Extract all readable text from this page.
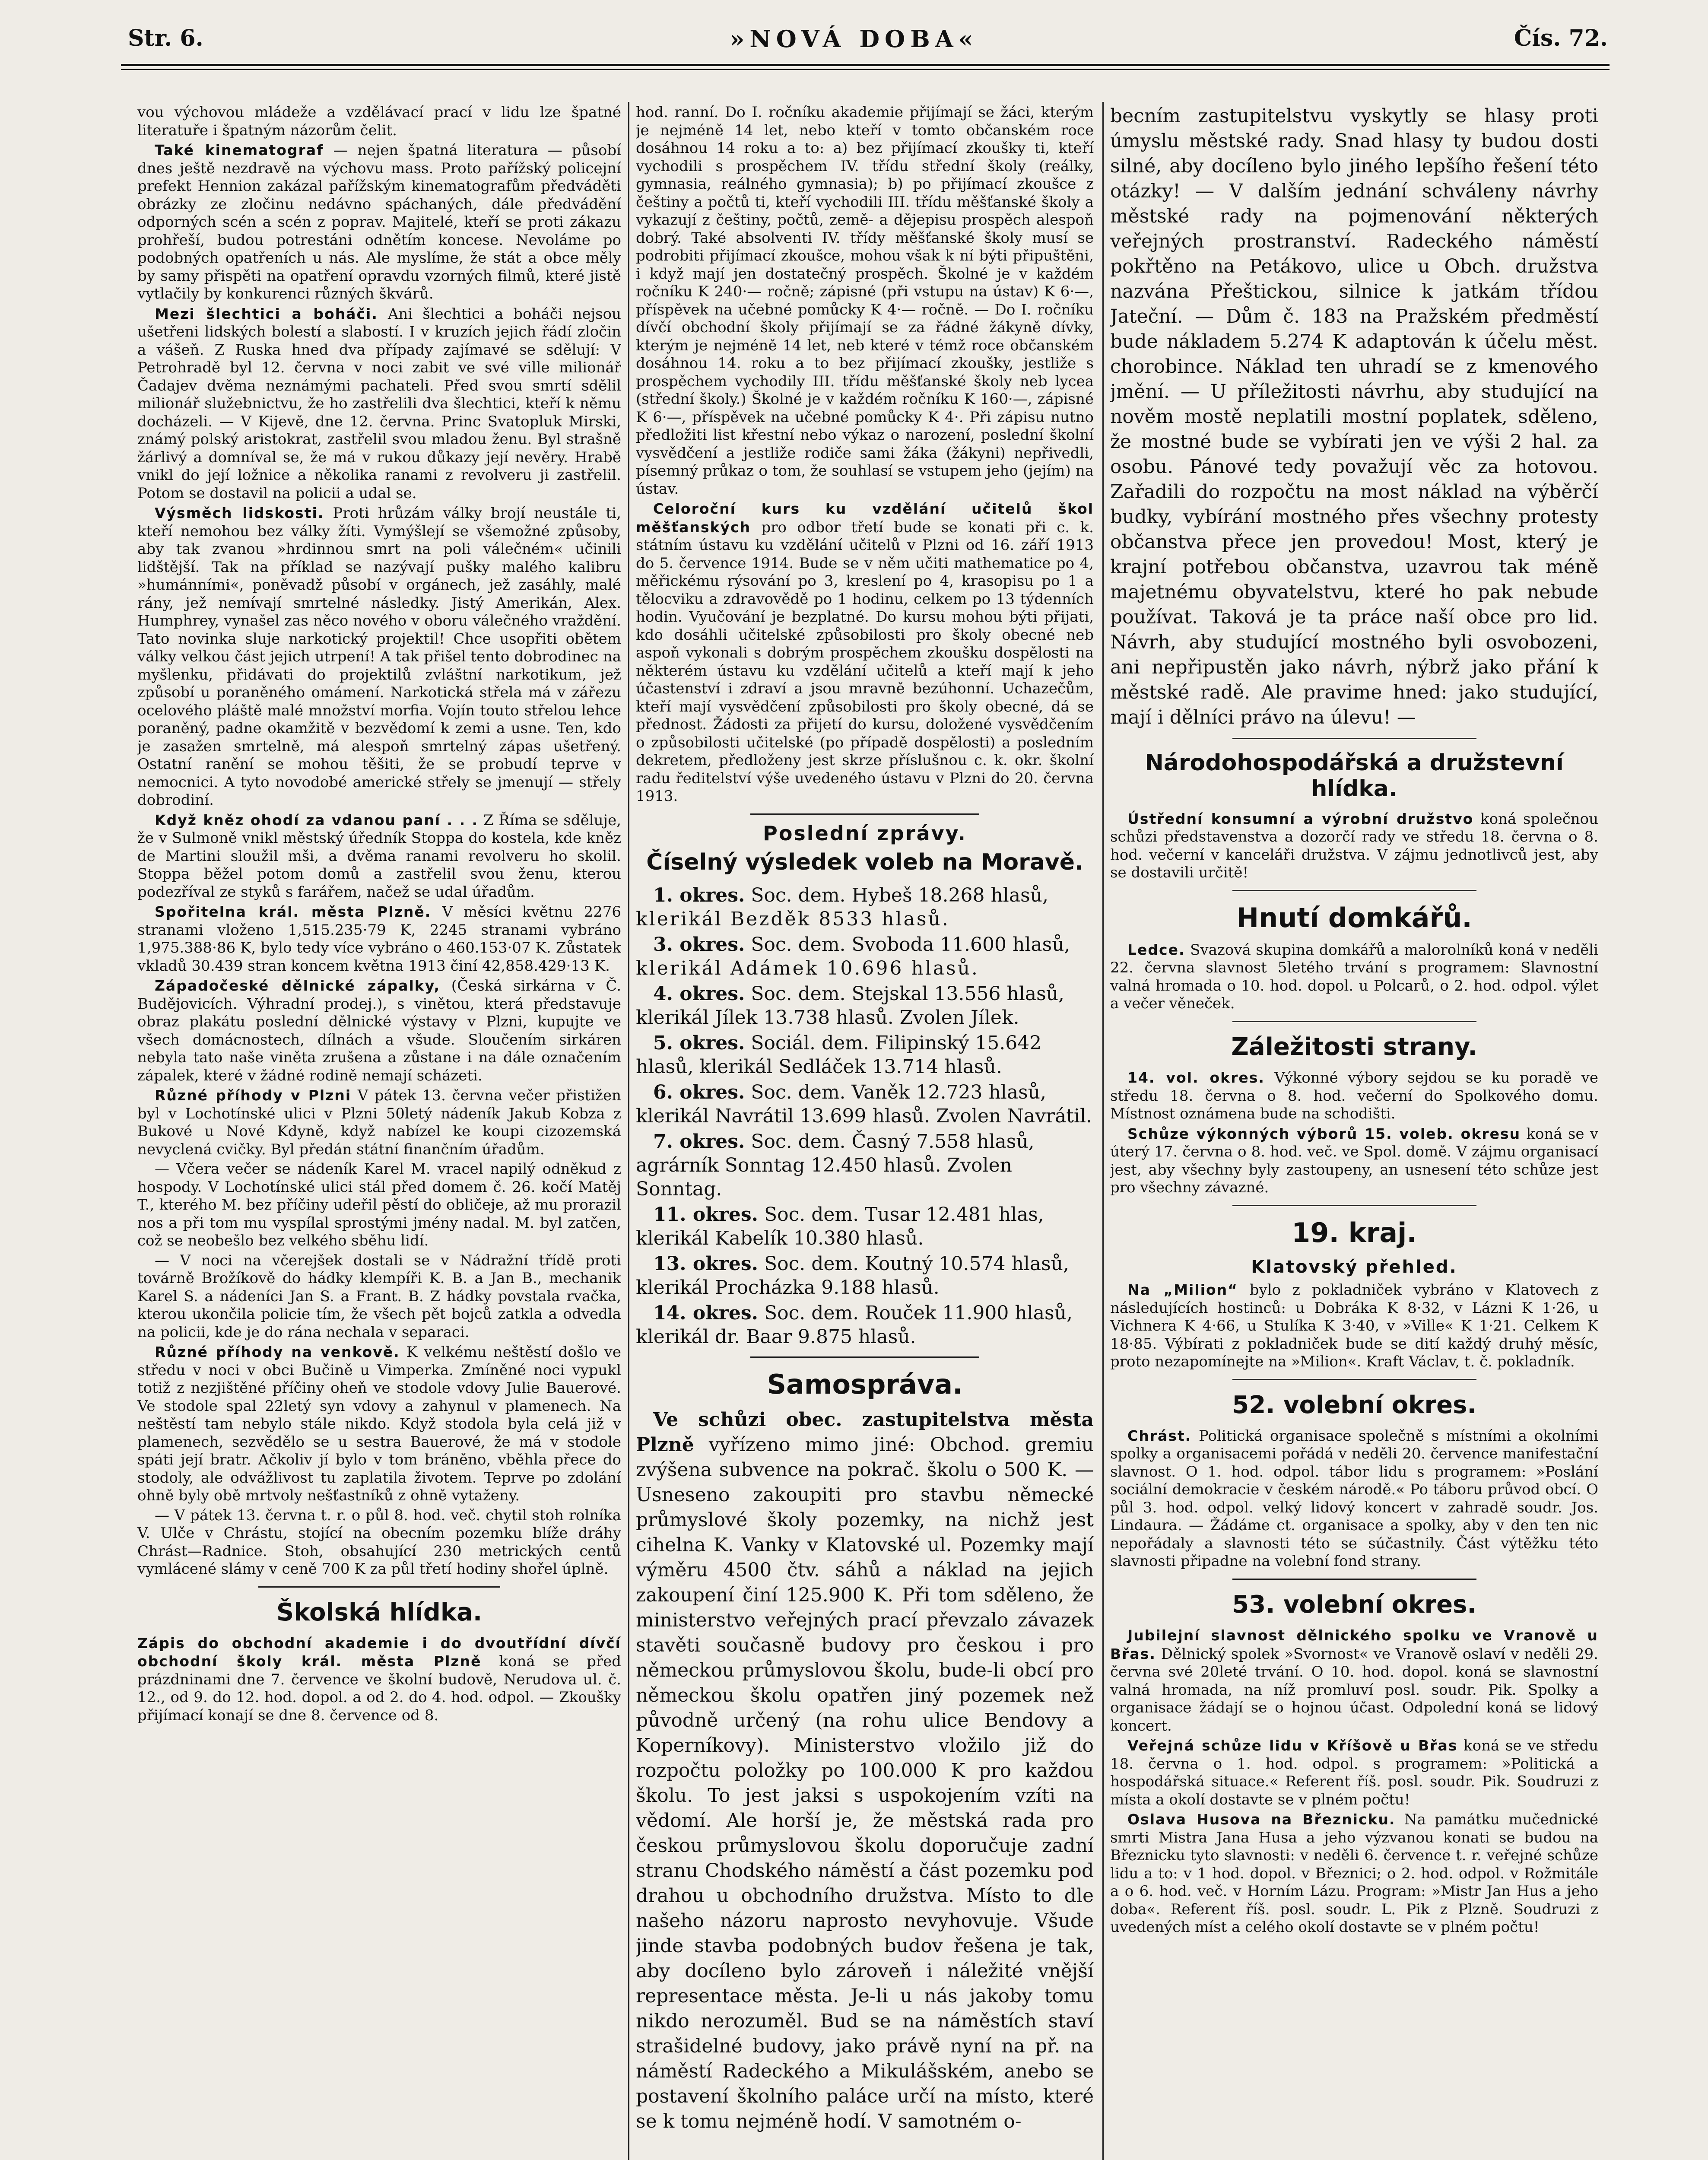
Str. 6.	»NOVÁ DOBA«	Čís. 72.

vou výchovou mládeže a vzdělávací prací v lidu lze špatné literatuře i špatným názorům čelit.

Také kinematograf — nejen špatná literatura — působí dnes ještě nezdravě na výchovu mass. Proto pařížský policejní prefekt Hennion zakázal pařížským kinematografům předváděti obrázky ze zločinu nedávno spáchaných, dále předvádění odporných scén a scén z poprav. Majitelé, kteří se proti zákazu prohřeší, budou potrestáni odnětím koncese. Nevoláme po podobných opatřeních u nás. Ale myslíme, že stát a obce měly by samy přispěti na opatření opravdu vzorných filmů, které jistě vytlačily by konkurenci různých škvárů.

Mezi šlechtici a boháči. Ani šlechtici a boháči nejsou ušetřeni lidských bolestí a slabostí. I v kruzích jejich řádí zločin a vášeň. Z Ruska hned dva případy zajímavé se sdělují: V Petrohradě byl 12. června v noci zabit ve své ville milionář Čadajev dvěma neznámými pachateli. Před svou smrtí sdělil milionář služebnictvu, že ho zastřelili dva šlechtici, kteří k němu docházeli. — V Kijevě, dne 12. června. Princ Svatopluk Mirski, známý polský aristokrat, zastřelil svou mladou ženu. Byl strašně žárlivý a domníval se, že má v rukou důkazy její nevěry. Hrabě vnikl do její ložnice a několika ranami z revolveru ji zastřelil. Potom se dostavil na policii a udal se.

Výsměch lidskosti. Proti hrůzám války brojí neustále ti, kteří nemohou bez války žíti. Vymýšlejí se všemožné způsoby, aby tak zvanou »hrdinnou smrt na poli válečném« učinili lidštější. Tak na příklad se nazývají pušky malého kalibru »humánními«, poněvadž působí v orgánech, jež zasáhly, malé rány, jež nemívají smrtelné následky. Jistý Amerikán, Alex. Humphrey, vynašel zas něco nového v oboru válečného vraždění. Tato novinka sluje narkotický projektil! Chce usopřiti obětem války velkou část jejich utrpení! A tak přišel tento dobrodinec na myšlenku, přidávati do projektilů zvláštní narkotikum, jež způsobí u poraněného omámení. Narkotická střela má v zářezu ocelového pláště malé množství morfia. Vojín touto střelou lehce poraněný, padne okamžitě v bezvědomí k zemi a usne. Ten, kdo je zasažen smrtelně, má alespoň smrtelný zápas ušetřený. Ostatní ranění se mohou těšiti, že se probudí teprve v nemocnici. A tyto novodobé americké střely se jmenují — střely dobrodiní.

Když kněz ohodí za vdanou paní . . . Z Říma se sděluje, že v Sulmoně vnikl městský úředník Stoppa do kostela, kde kněz de Martini sloužil mši, a dvěma ranami revolveru ho skolil. Stoppa běžel potom domů a zastřelil svou ženu, kterou podezříval ze styků s farářem, načež se udal úřadům.

Spořitelna král. města Plzně. V měsíci květnu 2276 stranami vloženo 1,515.235·79 K, 2245 stranami vybráno 1,975.388·86 K, bylo tedy více vybráno o 460.153·07 K. Zůstatek vkladů 30.439 stran koncem května 1913 činí 42,858.429·13 K.

Západočeské dělnické zápalky, (Česká sirkárna v Č. Budějovicích. Výhradní prodej.), s vinětou, která představuje obraz plakátu poslední dělnické výstavy v Plzni, kupujte ve všech domácnostech, dílnách a všude. Sloučením sirkáren nebyla tato naše viněta zrušena a zůstane i na dále označením zápalek, které v žádné rodině nemají scházeti.

Různé příhody v Plzni V pátek 13. června večer přistižen byl v Lochotínské ulici v Plzni 50letý nádeník Jakub Kobza z Bukové u Nové Kdyně, když nabízel ke koupi cizozemská nevyclená cvičky. Byl předán státní finančním úřadům.

— Včera večer se nádeník Karel M. vracel napilý odněkud z hospody. V Lochotínské ulici stál před domem č. 26. kočí Matěj T., kterého M. bez příčiny udeřil pěstí do obličeje, až mu prorazil nos a při tom mu vyspílal sprostými jmény nadal. M. byl zatčen, což se neobešlo bez velkého sběhu lidí.

— V noci na včerejšek dostali se v Nádražní třídě proti továrně Brožíkově do hádky klempíři K. B. a Jan B., mechanik Karel S. a nádeníci Jan S. a Frant. B. Z hádky povstala rvačka, kterou ukončila policie tím, že všech pět bojců zatkla a odvedla na policii, kde je do rána nechala v separaci.

Různé příhody na venkově. K velkému neštěstí došlo ve středu v noci v obci Bučině u Vimperka. Zmíněné noci vypukl totiž z nezjištěné příčiny oheň ve stodole vdovy Julie Bauerové. Ve stodole spal 22letý syn vdovy a zahynul v plamenech. Na neštěstí tam nebylo stále nikdo. Když stodola byla celá již v plamenech, sezvědělo se u sestra Bauerové, že má v stodole spáti její bratr. Ačkoliv jí bylo v tom bráněno, vběhla přece do stodoly, ale odvážlivost tu zaplatila životem. Teprve po zdolání ohně byly obě mrtvoly nešťastníků z ohně vytaženy.

— V pátek 13. června t. r. o půl 8. hod. več. chytil stoh rolníka V. Ulče v Chrástu, stojící na obecním pozemku blíže dráhy Chrást—Radnice. Stoh, obsahující 230 metrických centů vymlácené slámy v ceně 700 K za půl třetí hodiny shořel úplně.

Školská hlídka.

Zápis do obchodní akademie i do dvoutřídní dívčí obchodní školy král. města Plzně koná se před prázdninami dne 7. července ve školní budově, Nerudova ul. č. 12., od 9. do 12. hod. dopol. a od 2. do 4. hod. odpol. — Zkoušky přijímací konají se dne 8. července od 8.

hod. ranní. Do I. ročníku akademie přijímají se žáci, kterým je nejméně 14 let, nebo kteří v tomto občanském roce dosáhnou 14 roku a to: a) bez přijímací zkoušky ti, kteří vychodili s prospěchem IV. třídu střední školy (reálky, gymnasia, reálného gymnasia); b) po přijímací zkoušce z češtiny a počtů ti, kteří vychodili III. třídu měšťanské školy a vykazují z češtiny, počtů, země- a dějepisu prospěch alespoň dobrý. Také absolventi IV. třídy měšťanské školy musí se podrobiti přijímací zkoušce, mohou však k ní býti připuštěni, i když mají jen dostatečný prospěch. Školné je v každém ročníku K 240·— ročně; zápisné (při vstupu na ústav) K 6·—, příspěvek na učebné pomůcky K 4·— ročně. — Do I. ročníku dívčí obchodní školy přijímají se za řádné žákyně dívky, kterým je nejméně 14 let, neb které v témž roce občanském dosáhnou 14. roku a to bez přijímací zkoušky, jestliže s prospěchem vychodily III. třídu měšťanské školy neb lycea (střední školy.) Školné je v každém ročníku K 160·—, zápisné K 6·—, příspěvek na učebné pomůcky K 4·. Při zápisu nutno předložiti list křestní nebo výkaz o narození, poslední školní vysvědčení a jestliže rodiče sami žáka (žákyni) nepřivedli, písemný průkaz o tom, že souhlasí se vstupem jeho (jejím) na ústav.

Celoroční kurs ku vzdělání učitelů škol měšťanských pro odbor třetí bude se konati při c. k. státním ústavu ku vzdělání učitelů v Plzni od 16. září 1913 do 5. července 1914. Bude se v něm učiti mathematice po 4, měřickému rýsování po 3, kreslení po 4, krasopisu po 1 a tělocviku a zdravovědě po 1 hodinu, celkem po 13 týdenních hodin. Vyučování je bezplatné. Do kursu mohou býti přijati, kdo dosáhli učitelské způsobilosti pro školy obecné neb aspoň vykonali s dobrým prospěchem zkoušku dospělosti na některém ústavu ku vzdělání učitelů a kteří mají k jeho účastenství i zdraví a jsou mravně bezúhonní. Uchazečům, kteří mají vysvědčení způsobilosti pro školy obecné, dá se přednost. Žádosti za přijetí do kursu, doložené vysvědčením o způsobilosti učitelské (po případě dospělosti) a posledním dekretem, předloženy jest skrze příslušnou c. k. okr. školní radu ředitelství výše uvedeného ústavu v Plzni do 20. června 1913.

Poslední zprávy.
Číselný výsledek voleb na Moravě.

1. okres. Soc. dem. Hybeš 18.268 hlasů,

klerikál Bezděk 8533 hlasů.

3. okres. Soc. dem. Svoboda 11.600 hlasů,

klerikál Adámek 10.696 hlasů.

4. okres. Soc. dem. Stejskal 13.556 hlasů,

klerikál Jílek 13.738 hlasů. Zvolen Jílek.

5. okres. Sociál. dem. Filipinský 15.642

hlasů, klerikál Sedláček 13.714 hlasů.

6. okres. Soc. dem. Vaněk 12.723 hlasů,

klerikál Navrátil 13.699 hlasů. Zvolen Navrátil.

7. okres. Soc. dem. Časný 7.558 hlasů,

agrárník Sonntag 12.450 hlasů. Zvolen Sonntag.

11. okres. Soc. dem. Tusar 12.481 hlas,

klerikál Kabelík 10.380 hlasů.

13. okres. Soc. dem. Koutný 10.574 hlasů,

klerikál Procházka 9.188 hlasů.

14. okres. Soc. dem. Rouček 11.900 hlasů,

klerikál dr. Baar 9.875 hlasů.

Samospráva.

Ve schůzi obec. zastupitelstva města Plzně vyřízeno mimo jiné: Obchod. gremiu zvýšena subvence na pokrač. školu o 500 K. — Usneseno zakoupiti pro stavbu německé průmyslové školy pozemky, na nichž jest cihelna K. Vanky v Klatovské ul. Pozemky mají výměru 4500 čtv. sáhů a náklad na jejich zakoupení činí 125.900 K. Při tom sděleno, že ministerstvo veřejných prací převzalo závazek stavěti současně budovy pro českou i pro německou průmyslovou školu, bude-li obcí pro německou školu opatřen jiný pozemek než původně určený (na rohu ulice Bendovy a Koperníkovy). Ministerstvo vložilo již do rozpočtu položky po 100.000 K pro každou školu. To jest jaksi s uspokojením vzíti na vědomí. Ale horší je, že městská rada pro českou průmyslovou školu doporučuje zadní stranu Chodského náměstí a část pozemku pod drahou u obchodního družstva. Místo to dle našeho názoru naprosto nevyhovuje. Všude jinde stavba podobných budov řešena je tak, aby docíleno bylo zároveň i náležité vnější representace města. Je-li u nás jakoby tomu nikdo nerozuměl. Bud se na náměstích staví strašidelné budovy, jako právě nyní na př. na náměstí Radeckého a Mikulášském, anebo se postavení školního paláce určí na místo, které se k tomu nejméně hodí. V samotném o-

becním zastupitelstvu vyskytly se hlasy proti úmyslu městské rady. Snad hlasy ty budou dosti silné, aby docíleno bylo jiného lepšího řešení této otázky! — V dalším jednání schváleny návrhy městské rady na pojmenování některých veřejných prostranství. Radeckého náměstí pokřtěno na Petákovo, ulice u Obch. družstva nazvána Přeštickou, silnice k jatkám třídou Jateční. — Dům č. 183 na Pražském předměstí bude nákladem 5.274 K adaptován k účelu měst. chorobince. Náklad ten uhradí se z kmenového jmění. — U příležitosti návrhu, aby studující na nověm mostě neplatili mostní poplatek, sděleno, že mostné bude se vybírati jen ve výši 2 hal. za osobu. Pánové tedy považují věc za hotovou. Zařadili do rozpočtu na most náklad na výběrčí budky, vybírání mostného přes všechny protesty občanstva přece jen provedou! Most, který je krajní potřebou občanstva, uzavrou tak méně majetnému obyvatelstvu, které ho pak nebude používat. Taková je ta práce naší obce pro lid. Návrh, aby studující mostného byli osvobozeni, ani nepřipustěn jako návrh, nýbrž jako přání k městské radě. Ale pravime hned: jako studující, mají i dělníci právo na úlevu! —

Národohospodářská a družstevní hlídka.

Ústřední konsumní a výrobní družstvo koná společnou schůzi představenstva a dozorčí rady ve středu 18. června o 8. hod. večerní v kanceláři družstva. V zájmu jednotlivců jest, aby se dostavili určitě!

Hnutí domkářů.

Ledce. Svazová skupina domkářů a malorolníků koná v neděli 22. června slavnost 5letého trvání s programem: Slavnostní valná hromada o 10. hod. dopol. u Polcarů, o 2. hod. odpol. výlet a večer věneček.

Záležitosti strany.

14. vol. okres. Výkonné výbory sejdou se ku poradě ve středu 18. června o 8. hod. večerní do Spolkového domu. Místnost oznámena bude na schodišti.

Schůze výkonných výborů 15. voleb. okresu koná se v úterý 17. června o 8. hod. več. ve Spol. domě. V zájmu organisací jest, aby všechny byly zastoupeny, an usnesení této schůze jest pro všechny závazné.

19. kraj.
Klatovský přehled.

Na „Milion“ bylo z pokladniček vybráno v Klatovech z následujících hostinců: u Dobráka K 8·32, v Lázni K 1·26, u Vichnera K 4·66, u Stulíka K 3·40, v »Ville« K 1·21. Celkem K 18·85. Výbírati z pokladniček bude se dití každý druhý měsíc, proto nezapomínejte na »Milion«. Kraft Václav, t. č. pokladník.

52. volební okres.

Chrást. Politická organisace společně s místními a okolními spolky a organisacemi pořádá v neděli 20. července manifestační slavnost. O 1. hod. odpol. tábor lidu s programem: »Poslání sociální demokracie v českém národě.« Po táboru průvod obcí. O půl 3. hod. odpol. velký lidový koncert v zahradě soudr. Jos. Lindaura. — Žádáme ct. organisace a spolky, aby v den ten nic nepořádaly a slavnosti této se súčastnily. Část výtěžku této slavnosti připadne na volební fond strany.

53. volební okres.

Jubilejní slavnost dělnického spolku ve Vranově u Břas. Dělnický spolek »Svornost« ve Vranově oslaví v neděli 29. června své 20leté trvání. O 10. hod. dopol. koná se slavnostní valná hromada, na níž promluví posl. soudr. Pik. Spolky a organisace žádají se o hojnou účast. Odpolední koná se lidový koncert.

Veřejná schůze lidu v Kříšově u Břas koná se ve středu 18. června o 1. hod. odpol. s programem: »Politická a hospodářská situace.« Referent říš. posl. soudr. Pik. Soudruzi z místa a okolí dostavte se v plném počtu!

Oslava Husova na Březnicku. Na památku mučednické smrti Mistra Jana Husa a jeho výzvanou konati se budou na Březnicku tyto slavnosti: v neděli 6. července t. r. veřejné schůze lidu a to: v 1 hod. dopol. v Březnici; o 2. hod. odpol. v Rožmitále a o 6. hod. več. v Horním Lázu. Program: »Mistr Jan Hus a jeho doba«. Referent říš. posl. soudr. L. Pik z Plzně. Soudruzi z uvedených míst a celého okolí dostavte se v plném počtu!
